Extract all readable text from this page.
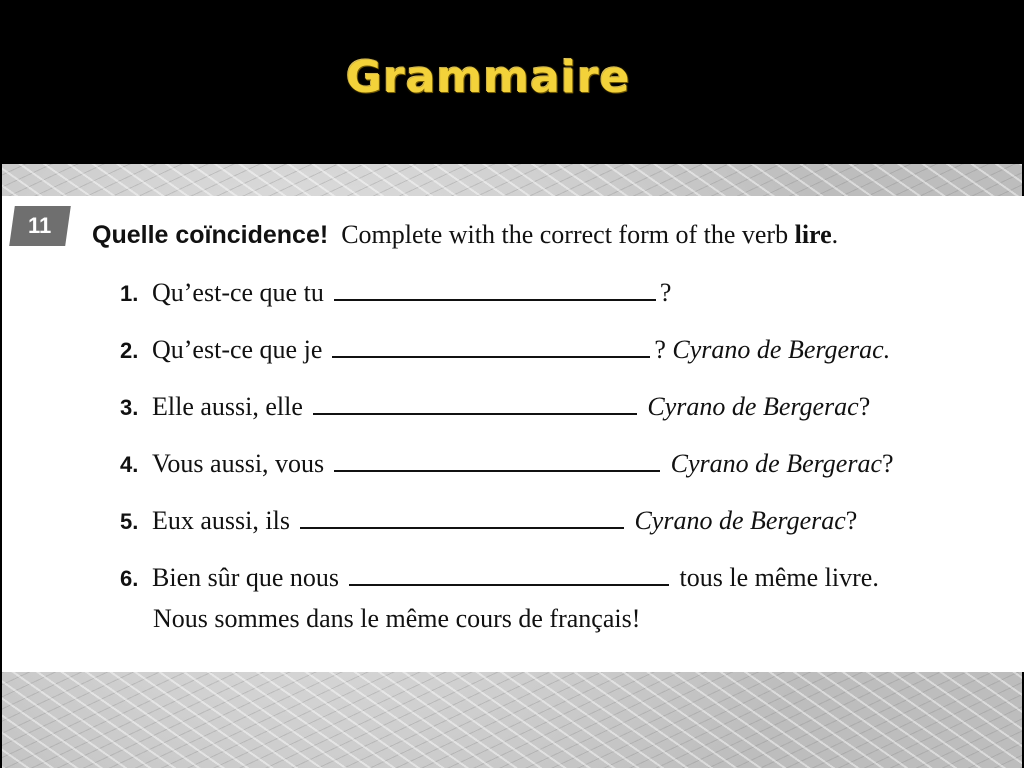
Grammaire
11 Quelle coïncidence! Complete with the correct form of the verb lire.
1. Qu’est-ce que tu	?
2. Qu’est-ce que je	?
Cyrano de Bergerac.
3. Elle aussi, elle
	Cyrano de Bergerac ?
4. Vous aussi, vous
	Cyrano de Bergerac ?
5. Eux aussi, ils
	Cyrano de Bergerac ?
6. Bien sûr que nous
	tous le même livre.
Nous sommes dans le même cours de français!
